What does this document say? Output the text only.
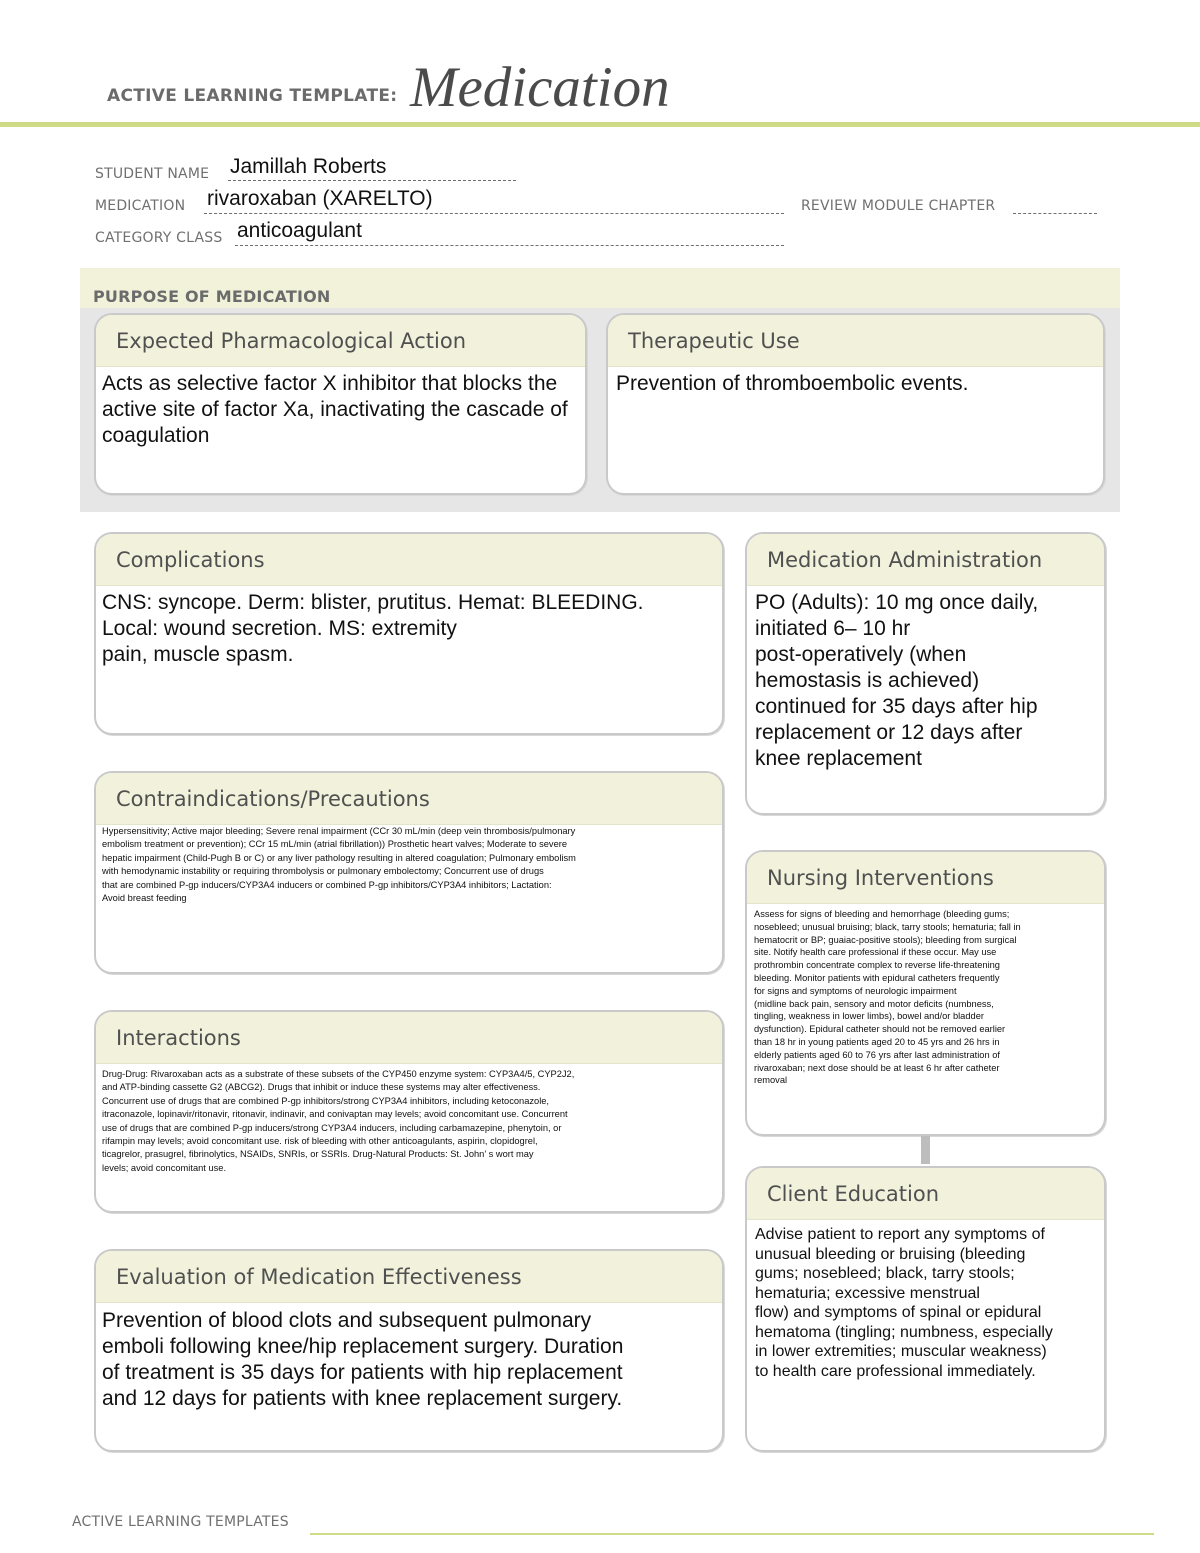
ACTIVE LEARNING TEMPLATE: Medication
STUDENT NAME Jamillah Roberts
MEDICATION rivaroxaban (XARELTO)	REVIEW MODULE CHAPTER
CATEGORY CLASS anticoagulant
PURPOSE OF MEDICATION
Expected Pharmacological Action
Acts as selective factor X inhibitor that blocks the active site of factor Xa, inactivating the cascade of coagulation
Therapeutic Use
Prevention of thromboembolic events.
Complications
CNS: syncope. Derm: blister, prutitus. Hemat: BLEEDING.
Local: wound secretion. MS: extremity
pain, muscle spasm.
Medication Administration
PO (Adults): 10 mg once daily,
initiated 6– 10 hr
post-operatively (when
hemostasis is achieved)
continued for 35 days after hip
replacement or 12 days after
knee replacement
Contraindications/Precautions
Hypersensitivity; Active major bleeding; Severe renal impairment (CCr 30 mL/min (deep vein thrombosis/pulmonary
embolism treatment or prevention); CCr 15 mL/min (atrial fibrillation)) Prosthetic heart valves; Moderate to severe
hepatic impairment (Child-Pugh B or C) or any liver pathology resulting in altered coagulation; Pulmonary embolism
with hemodynamic instability or requiring thrombolysis or pulmonary embolectomy; Concurrent use of drugs
that are combined P-gp inducers/CYP3A4 inducers or combined P-gp inhibitors/CYP3A4 inhibitors; Lactation:
Avoid breast feeding
Nursing Interventions
Assess for signs of bleeding and hemorrhage (bleeding gums;
nosebleed; unusual bruising; black, tarry stools; hematuria; fall in
hematocrit or BP; guaiac-positive stools); bleeding from surgical
site. Notify health care professional if these occur. May use
prothrombin concentrate complex to reverse life-threatening
bleeding. Monitor patients with epidural catheters frequently
for signs and symptoms of neurologic impairment
(midline back pain, sensory and motor deficits (numbness,
tingling, weakness in lower limbs), bowel and/or bladder
dysfunction). Epidural catheter should not be removed earlier
than 18 hr in young patients aged 20 to 45 yrs and 26 hrs in
elderly patients aged 60 to 76 yrs after last administration of
rivaroxaban; next dose should be at least 6 hr after catheter
removal
Interactions
Drug-Drug: Rivaroxaban acts as a substrate of these subsets of the CYP450 enzyme system: CYP3A4/5, CYP2J2,
and ATP-binding cassette G2 (ABCG2). Drugs that inhibit or induce these systems may alter effectiveness.
Concurrent use of drugs that are combined P-gp inhibitors/strong CYP3A4 inhibitors, including ketoconazole,
itraconazole, lopinavir/ritonavir, ritonavir, indinavir, and conivaptan may levels; avoid concomitant use. Concurrent
use of drugs that are combined P-gp inducers/strong CYP3A4 inducers, including carbamazepine, phenytoin, or
rifampin may levels; avoid concomitant use. risk of bleeding with other anticoagulants, aspirin, clopidogrel,
ticagrelor, prasugrel, fibrinolytics, NSAIDs, SNRIs, or SSRIs. Drug-Natural Products: St. John’ s wort may
levels; avoid concomitant use.
Client Education
Advise patient to report any symptoms of
unusual bleeding or bruising (bleeding
gums; nosebleed; black, tarry stools;
hematuria; excessive menstrual
flow) and symptoms of spinal or epidural
hematoma (tingling; numbness, especially
in lower extremities; muscular weakness)
to health care professional immediately.
Evaluation of Medication Effectiveness
Prevention of blood clots and subsequent pulmonary
emboli following knee/hip replacement surgery. Duration
of treatment is 35 days for patients with hip replacement
and 12 days for patients with knee replacement surgery.
ACTIVE LEARNING TEMPLATES
